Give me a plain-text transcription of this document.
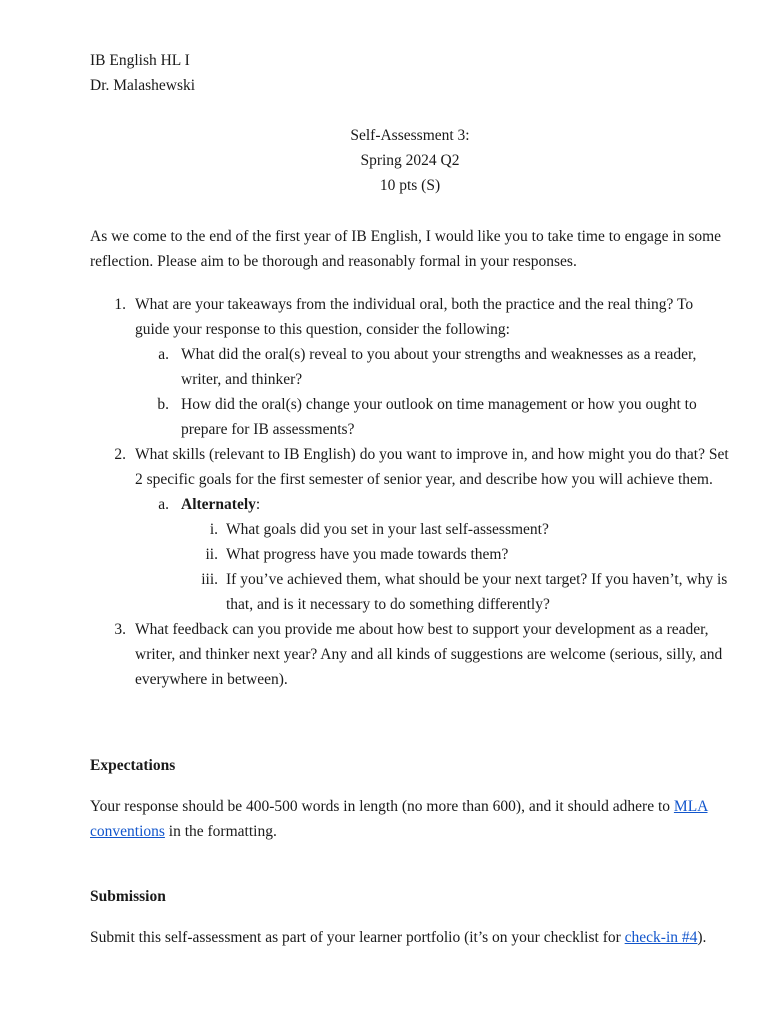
IB English HL I
Dr. Malashewski
Self-Assessment 3:
Spring 2024 Q2
10 pts (S)

As we come to the end of the first year of IB English, I would like you to take time to engage in some reflection. Please aim to be thorough and reasonably formal in your responses.

1. What are your takeaways from the individual oral, both the practice and the real thing? To guide your response to this question, consider the following:
a. What did the oral(s) reveal to you about your strengths and weaknesses as a reader, writer, and thinker?
b. How did the oral(s) change your outlook on time management or how you ought to prepare for IB assessments?
2. What skills (relevant to IB English) do you want to improve in, and how might you do that? Set 2 specific goals for the first semester of senior year, and describe how you will achieve them.
a. Alternately:
i. What goals did you set in your last self-assessment?
ii. What progress have you made towards them?
iii. If you’ve achieved them, what should be your next target? If you haven’t, why is that, and is it necessary to do something differently?
3. What feedback can you provide me about how best to support your development as a reader, writer, and thinker next year? Any and all kinds of suggestions are welcome (serious, silly, and everywhere in between).
Expectations

Your response should be 400-500 words in length (no more than 600), and it should adhere to MLA conventions in the formatting.

Submission

Submit this self-assessment as part of your learner portfolio (it’s on your checklist for check-in #4).
